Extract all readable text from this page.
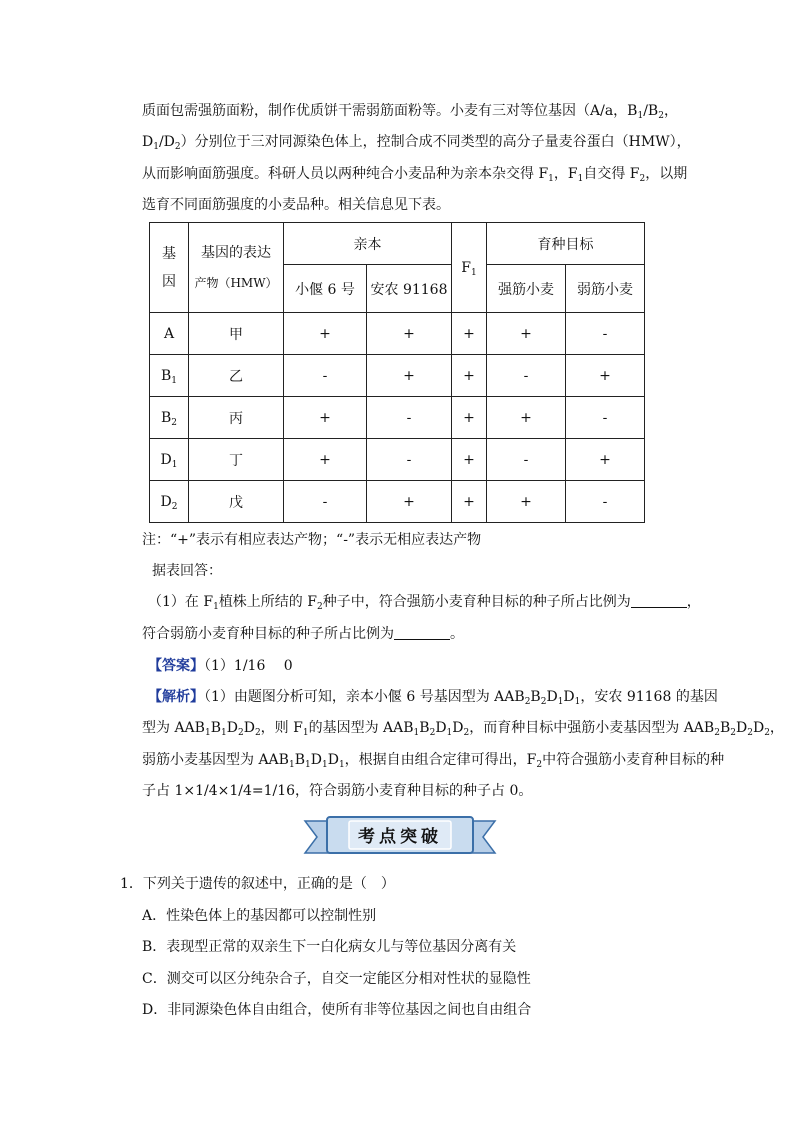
质面包需强筋面粉，制作优质饼干需弱筋面粉等。小麦有三对等位基因（A/a，$B_1/B_2$，
$D_1/D_2$）分别位于三对同源染色体上，控制合成不同类型的高分子量麦谷蛋白（HMW），
从而影响面筋强度。科研人员以两种纯合小麦品种为亲本杂交得 $F_1$，$F_1$自交得 $F_2$，以期
选育不同面筋强度的小麦品种。相关信息见下表。
基
因	基因的表达
产物（HMW）	亲本		$F_1$	育种目标	
		小偃 6 号	安农 91168		强筋小麦	弱筋小麦
A	甲	+	+	+	+	-
$B_1$	乙	-	+	+	-	+
$B_2$	丙	+	-	+	+	-
$D_1$	丁	+	-	+	-	+
$D_2$	戊	-	+	+	+	-
注：“+”表示有相应表达产物；“-”表示无相应表达产物
据表回答：
（1）在 $F_1$植株上所结的 $F_2$种子中，符合强筋小麦育种目标的种子所占比例为	，
符合弱筋小麦育种目标的种子所占比例为	。
【答案】（1）1/16　 0
【解析】（1）由题图分析可知，亲本小偃 6 号基因型为 $AAB_2B_2D_1D_1$，安农 91168 的基因
型为 $AAB_1B_1D_2D_2$，则 $F_1$的基因型为 $AAB_1B_2D_1D_2$，而育种目标中强筋小麦基因型为 $AAB_2B_2D_2D_2$，
弱筋小麦基因型为 $AAB_1B_1D_1D_1$，根据自由组合定律可得出，$F_2$中符合强筋小麦育种目标的种
子占 1×1/4×1/4=1/16，符合弱筋小麦育种目标的种子占 0。
考点突破
1．下列关于遗传的叙述中，正确的是（　）
A．性染色体上的基因都可以控制性别
B．表现型正常的双亲生下一白化病女儿与等位基因分离有关
C．测交可以区分纯杂合子，自交一定能区分相对性状的显隐性
D．非同源染色体自由组合，使所有非等位基因之间也自由组合
